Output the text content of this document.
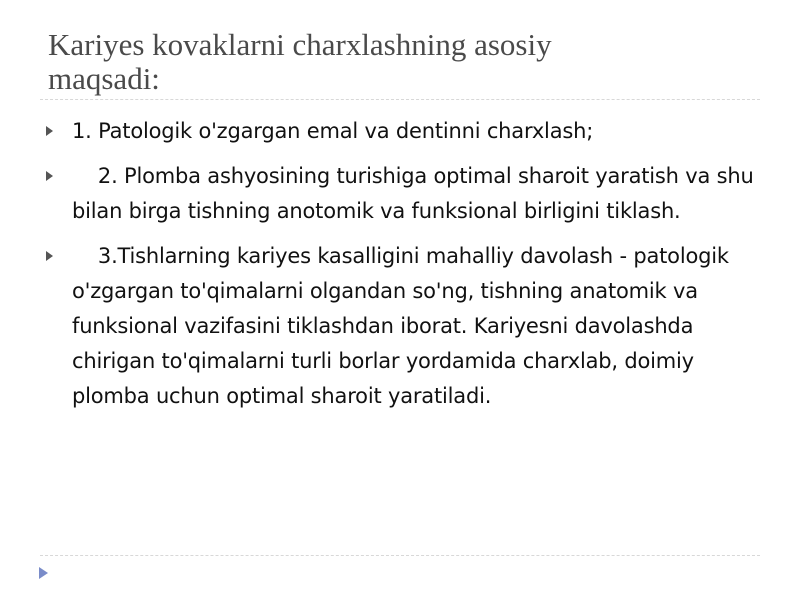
Kariyes kovaklarni charxlashning asosiy
maqsadi:
1. Patologik o'zgargan emal va dentinni charxlash;
2. Plomba ashyosining turishiga optimal sharoit yaratish va shu bilan birga tishning anotomik va funksional birligini tiklash.
3.Tishlarning kariyes kasalligini mahalliy davolash - patologik o'zgargan to'qimalarni olgandan so'ng, tishning anatomik va funksional vazifasini tiklashdan iborat. Kariyesni davolashda chirigan to'qimalarni turli borlar yordamida charxlab, doimiy plomba uchun optimal sharoit yaratiladi.
